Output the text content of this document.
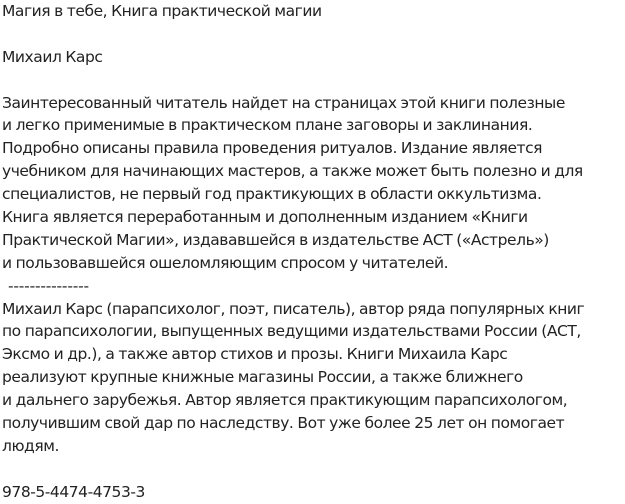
Магия в тебе, Книга практической магии
Михаил Карс
Заинтересованный читатель найдет на страницах этой книги полезные
и легко применимые в практическом плане заговоры и заклинания.
Подробно описаны правила проведения ритуалов. Издание является
учебником для начинающих мастеров, а также может быть полезно и для
специалистов, не первый год практикующих в области оккультизма.
Книга является переработанным и дополненным изданием «Книги
Практической Магии», издававшейся в издательстве АСТ («Астрель»)
и пользовавшейся ошеломляющим спросом у читателей.
---------------
Михаил Карс (парапсихолог, поэт, писатель), автор ряда популярных книг
по парапсихологии, выпущенных ведущими издательствами России (АСТ,
Эксмо и др.), а также автор стихов и прозы. Книги Михаила Карс
реализуют крупные книжные магазины России, а также ближнего
и дальнего зарубежья. Автор является практикующим парапсихологом,
получившим свой дар по наследству. Вот уже более 25 лет он помогает
людям.
978-5-4474-4753-3
